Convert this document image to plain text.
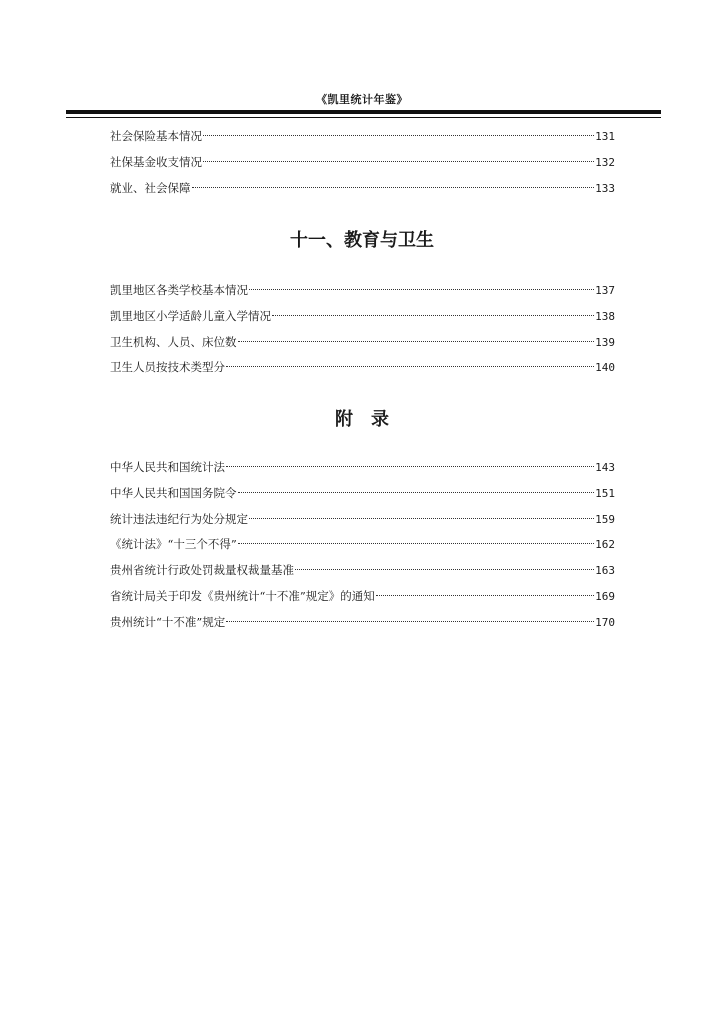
《凯里统计年鉴》
社会保险基本情况	131
社保基金收支情况	132
就业、社会保障	133
十一、教育与卫生
凯里地区各类学校基本情况	137
凯里地区小学适龄儿童入学情况	138
卫生机构、人员、床位数	139
卫生人员按技术类型分	140
附录
中华人民共和国统计法	143
中华人民共和国国务院令	151
统计违法违纪行为处分规定	159
《统计法》“十三个不得”	162
贵州省统计行政处罚裁量权裁量基准	163
省统计局关于印发《贵州统计“十不准”规定》的通知	169
贵州统计“十不准”规定	170
